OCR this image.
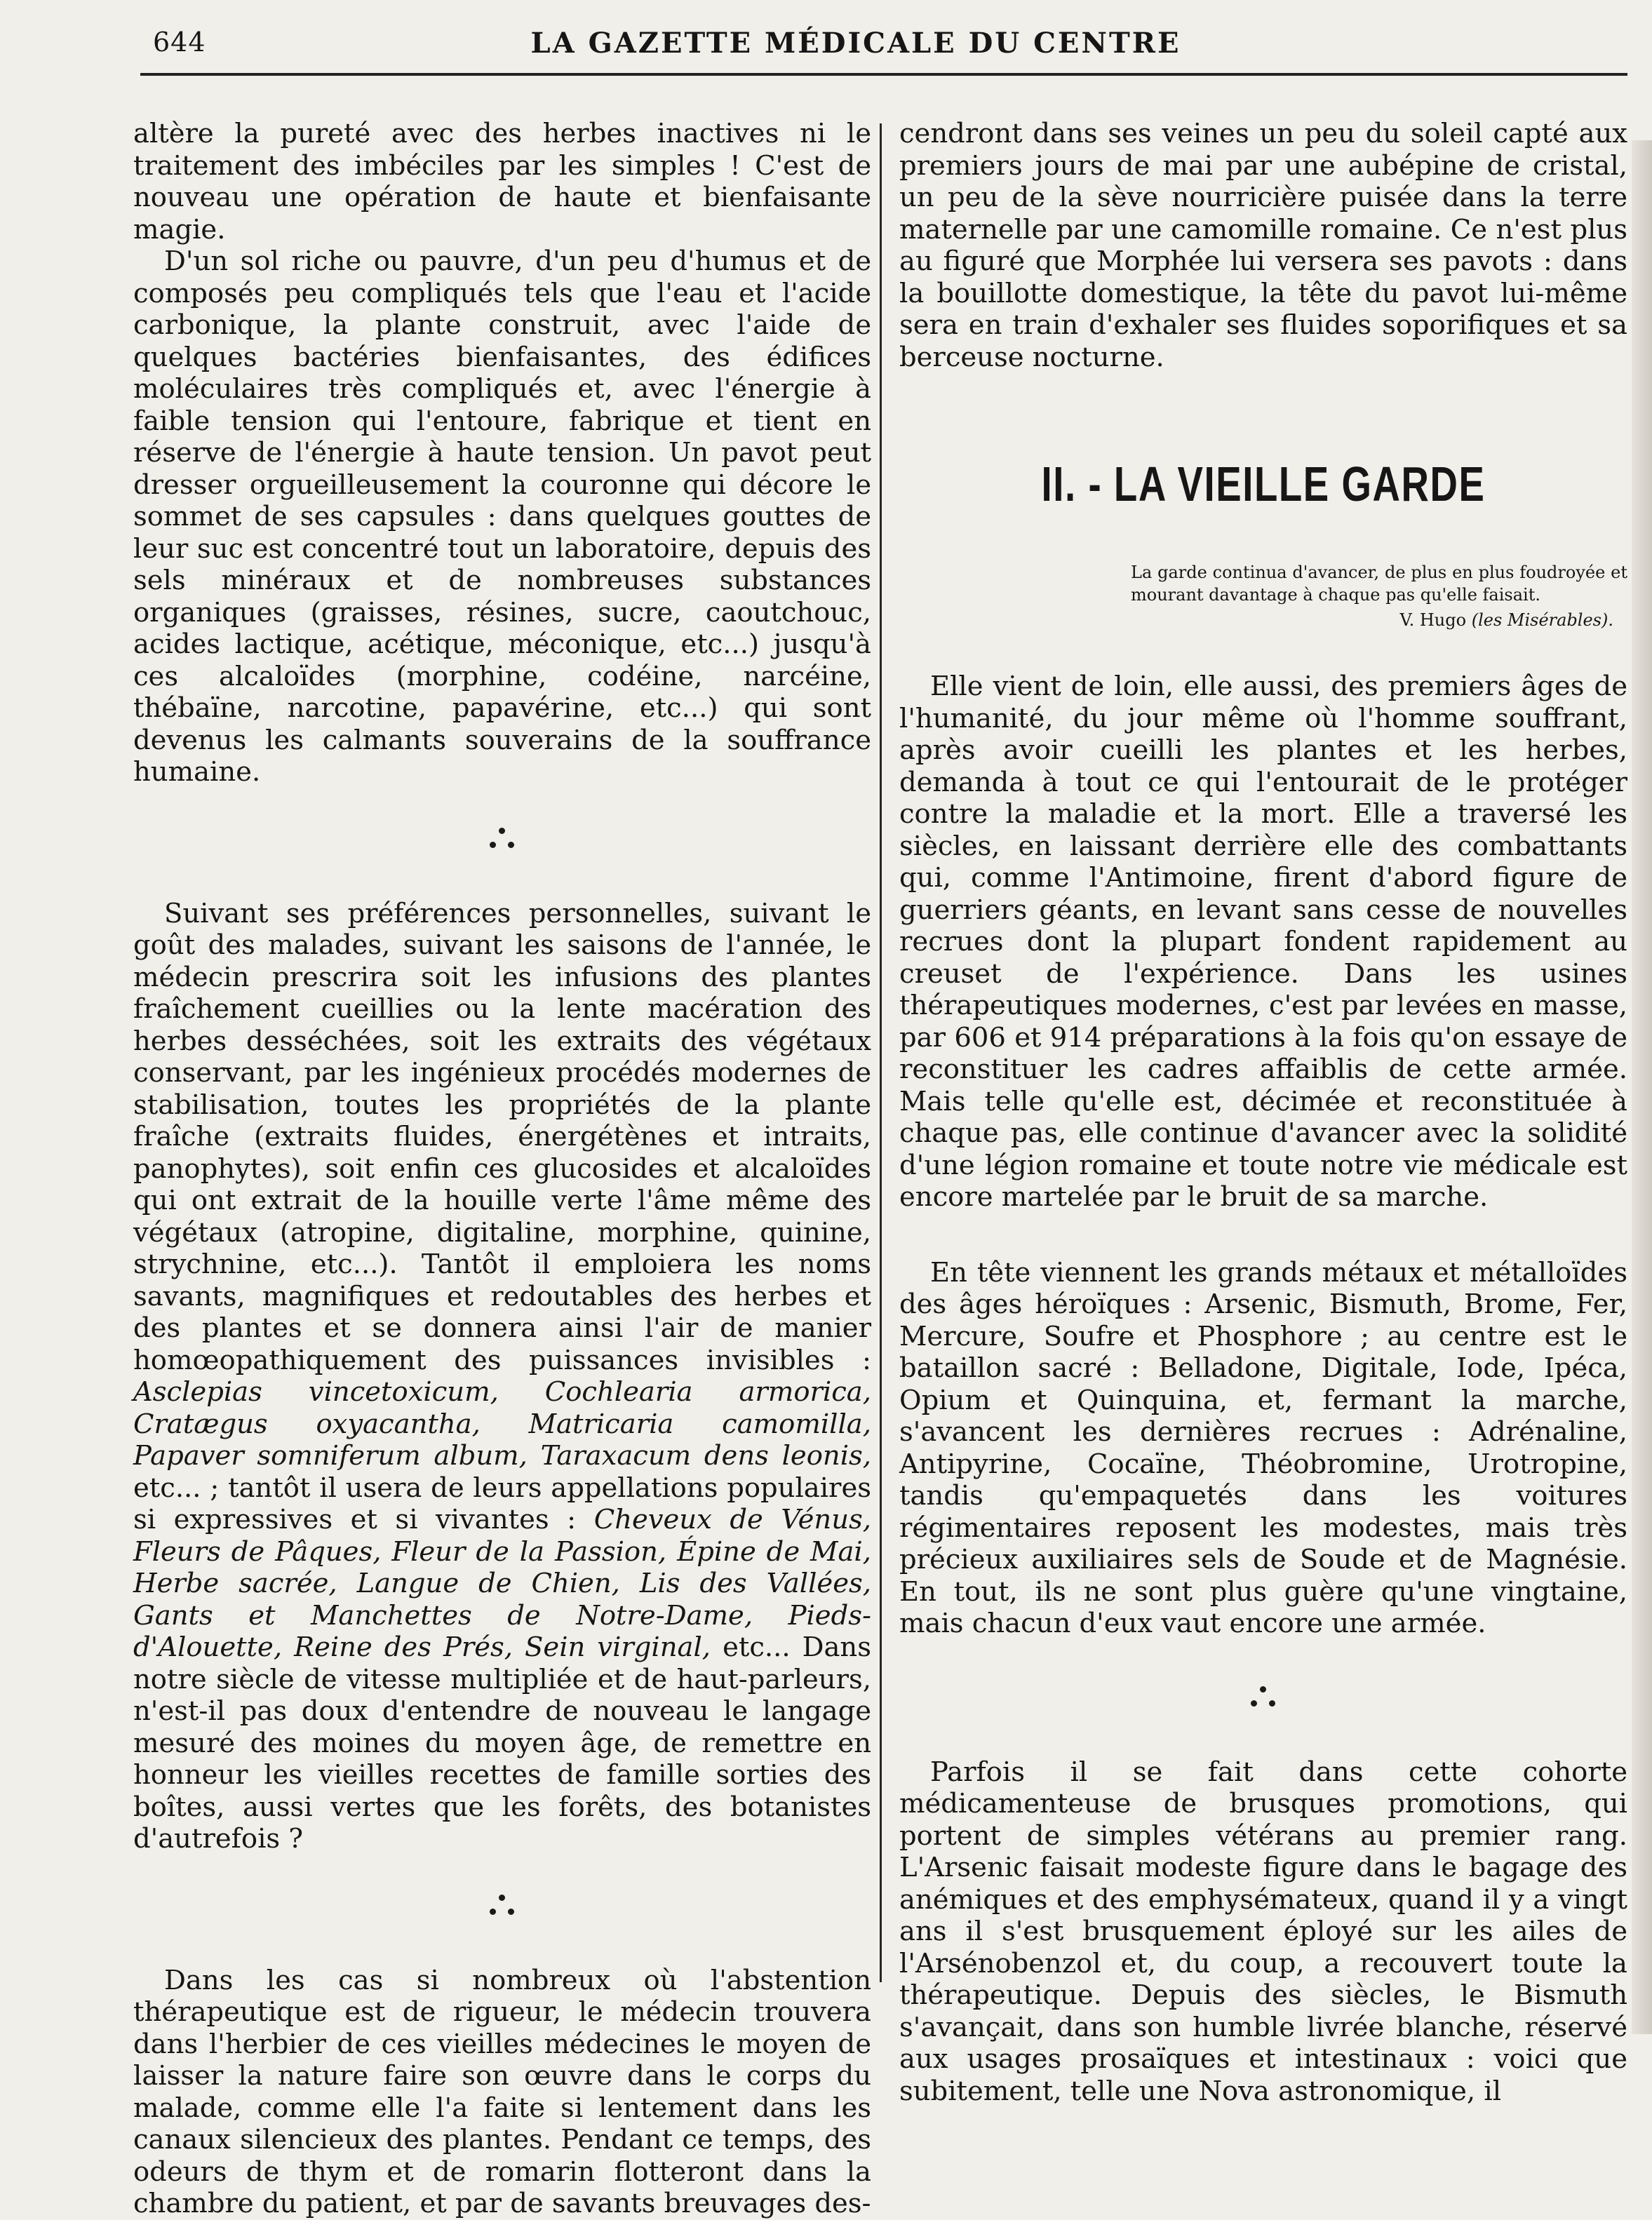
644	LA GAZETTE MÉDICALE DU CENTRE

altère la pureté avec des herbes inactives ni le traitement des imbéciles par les simples ! C'est de nouveau une opération de haute et bienfaisante magie.

D'un sol riche ou pauvre, d'un peu d'humus et de composés peu compliqués tels que l'eau et l'acide carbonique, la plante construit, avec l'aide de quelques bactéries bienfaisantes, des édifices moléculaires très compliqués et, avec l'énergie à faible tension qui l'entoure, fabrique et tient en réserve de l'énergie à haute tension. Un pavot peut dresser orgueilleusement la couronne qui décore le sommet de ses capsules : dans quelques gouttes de leur suc est concentré tout un laboratoire, depuis des sels minéraux et de nombreuses substances organiques (graisses, résines, sucre, caoutchouc, acides lactique, acétique, méconique, etc...) jusqu'à ces alcaloïdes (morphine, codéine, narcéine, thébaïne, narcotine, papavérine, etc...) qui sont devenus les calmants souverains de la souffrance humaine.

Suivant ses préférences personnelles, suivant le goût des malades, suivant les saisons de l'année, le médecin prescrira soit les infusions des plantes fraîchement cueillies ou la lente macération des herbes desséchées, soit les extraits des végétaux conservant, par les ingénieux procédés modernes de stabilisation, toutes les propriétés de la plante fraîche (extraits fluides, énergétènes et intraits, panophytes), soit enfin ces glucosides et alcaloïdes qui ont extrait de la houille verte l'âme même des végétaux (atropine, digitaline, morphine, quinine, strychnine, etc...). Tantôt il emploiera les noms savants, magnifiques et redoutables des herbes et des plantes et se donnera ainsi l'air de manier homœopathiquement des puissances invisibles : Asclepias vincetoxicum, Cochlearia armorica, Cratægus oxyacantha, Matricaria camomilla, Papaver somniferum album, Taraxacum dens leonis, etc... ; tantôt il usera de leurs appellations populaires si expressives et si vivantes : Cheveux de Vénus, Fleurs de Pâques, Fleur de la Passion, Épine de Mai, Herbe sacrée, Langue de Chien, Lis des Vallées, Gants et Manchettes de Notre-Dame, Pieds-d'Alouette, Reine des Prés, Sein virginal, etc... Dans notre siècle de vitesse multipliée et de haut-parleurs, n'est-il pas doux d'entendre de nouveau le langage mesuré des moines du moyen âge, de remettre en honneur les vieilles recettes de famille sorties des boîtes, aussi vertes que les forêts, des botanistes d'autrefois ?

Dans les cas si nombreux où l'abstention thérapeutique est de rigueur, le médecin trouvera dans l'herbier de ces vieilles médecines le moyen de laisser la nature faire son œuvre dans le corps du malade, comme elle l'a faite si lentement dans les canaux silencieux des plantes. Pendant ce temps, des odeurs de thym et de romarin flotteront dans la chambre du patient, et par de savants breuvages des-

cendront dans ses veines un peu du soleil capté aux premiers jours de mai par une aubépine de cristal, un peu de la sève nourricière puisée dans la terre maternelle par une camomille romaine. Ce n'est plus au figuré que Morphée lui versera ses pavots : dans la bouillotte domestique, la tête du pavot lui-même sera en train d'exhaler ses fluides soporifiques et sa berceuse nocturne.

II. - LA VIEILLE GARDE
La garde continua d'avancer, de plus en plus foudroyée et mourant davantage à chaque pas qu'elle faisait.
V. Hugo (les Misérables).

Elle vient de loin, elle aussi, des premiers âges de l'humanité, du jour même où l'homme souffrant, après avoir cueilli les plantes et les herbes, demanda à tout ce qui l'entourait de le protéger contre la maladie et la mort. Elle a traversé les siècles, en laissant derrière elle des combattants qui, comme l'Antimoine, firent d'abord figure de guerriers géants, en levant sans cesse de nouvelles recrues dont la plupart fondent rapidement au creuset de l'expérience. Dans les usines thérapeutiques modernes, c'est par levées en masse, par 606 et 914 préparations à la fois qu'on essaye de reconstituer les cadres affaiblis de cette armée. Mais telle qu'elle est, décimée et reconstituée à chaque pas, elle continue d'avancer avec la solidité d'une légion romaine et toute notre vie médicale est encore martelée par le bruit de sa marche.

En tête viennent les grands métaux et métalloïdes des âges héroïques : Arsenic, Bismuth, Brome, Fer, Mercure, Soufre et Phosphore ; au centre est le bataillon sacré : Belladone, Digitale, Iode, Ipéca, Opium et Quinquina, et, fermant la marche, s'avancent les dernières recrues : Adrénaline, Antipyrine, Cocaïne, Théobromine, Urotropine, tandis qu'empaquetés dans les voitures régimentaires reposent les modestes, mais très précieux auxiliaires sels de Soude et de Magnésie. En tout, ils ne sont plus guère qu'une vingtaine, mais chacun d'eux vaut encore une armée.

Parfois il se fait dans cette cohorte médicamenteuse de brusques promotions, qui portent de simples vétérans au premier rang. L'Arsenic faisait modeste figure dans le bagage des anémiques et des emphysémateux, quand il y a vingt ans il s'est brusquement éployé sur les ailes de l'Arsénobenzol et, du coup, a recouvert toute la thérapeutique. Depuis des siècles, le Bismuth s'avançait, dans son humble livrée blanche, réservé aux usages prosaïques et intestinaux : voici que subitement, telle une Nova astronomique, il
